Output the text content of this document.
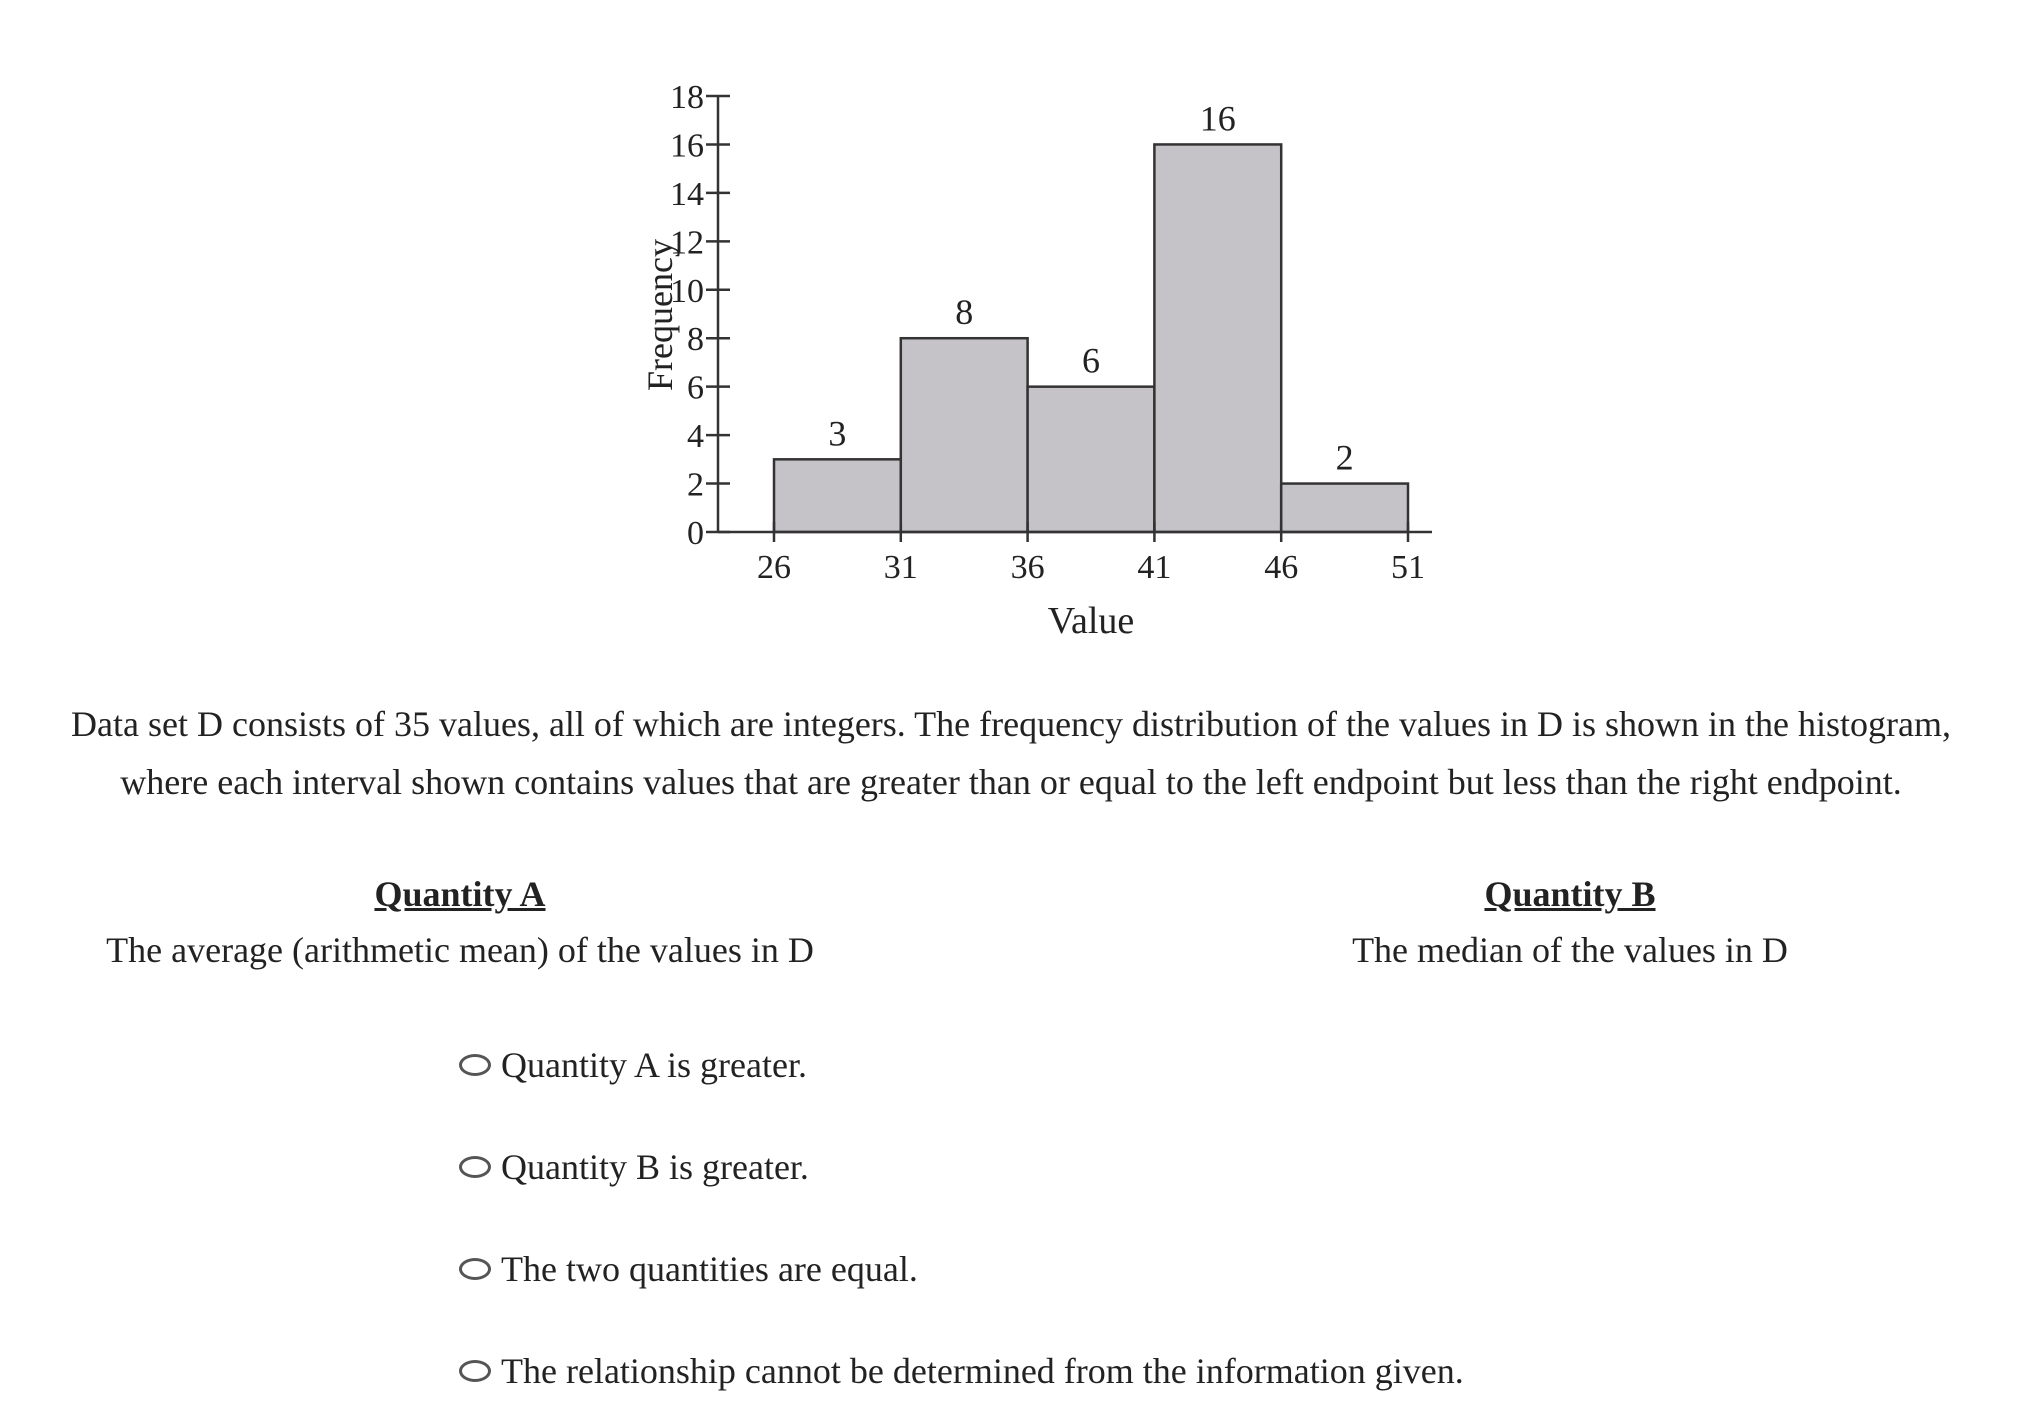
0
2
4
6
8
10
12
14
16
18
26	31	36	41	46	51
3
8
6
16
2
Value
Frequency

Data set D consists of 35 values, all of which are integers. The frequency distribution of the values in D is shown in the histogram,
where each interval shown contains values that are greater than or equal to the left endpoint but less than the right endpoint.

Quantity A
The average (arithmetic mean) of the values in D
Quantity B
The median of the values in D
Quantity A is greater.
Quantity B is greater.
The two quantities are equal.
The relationship cannot be determined from the information given.
